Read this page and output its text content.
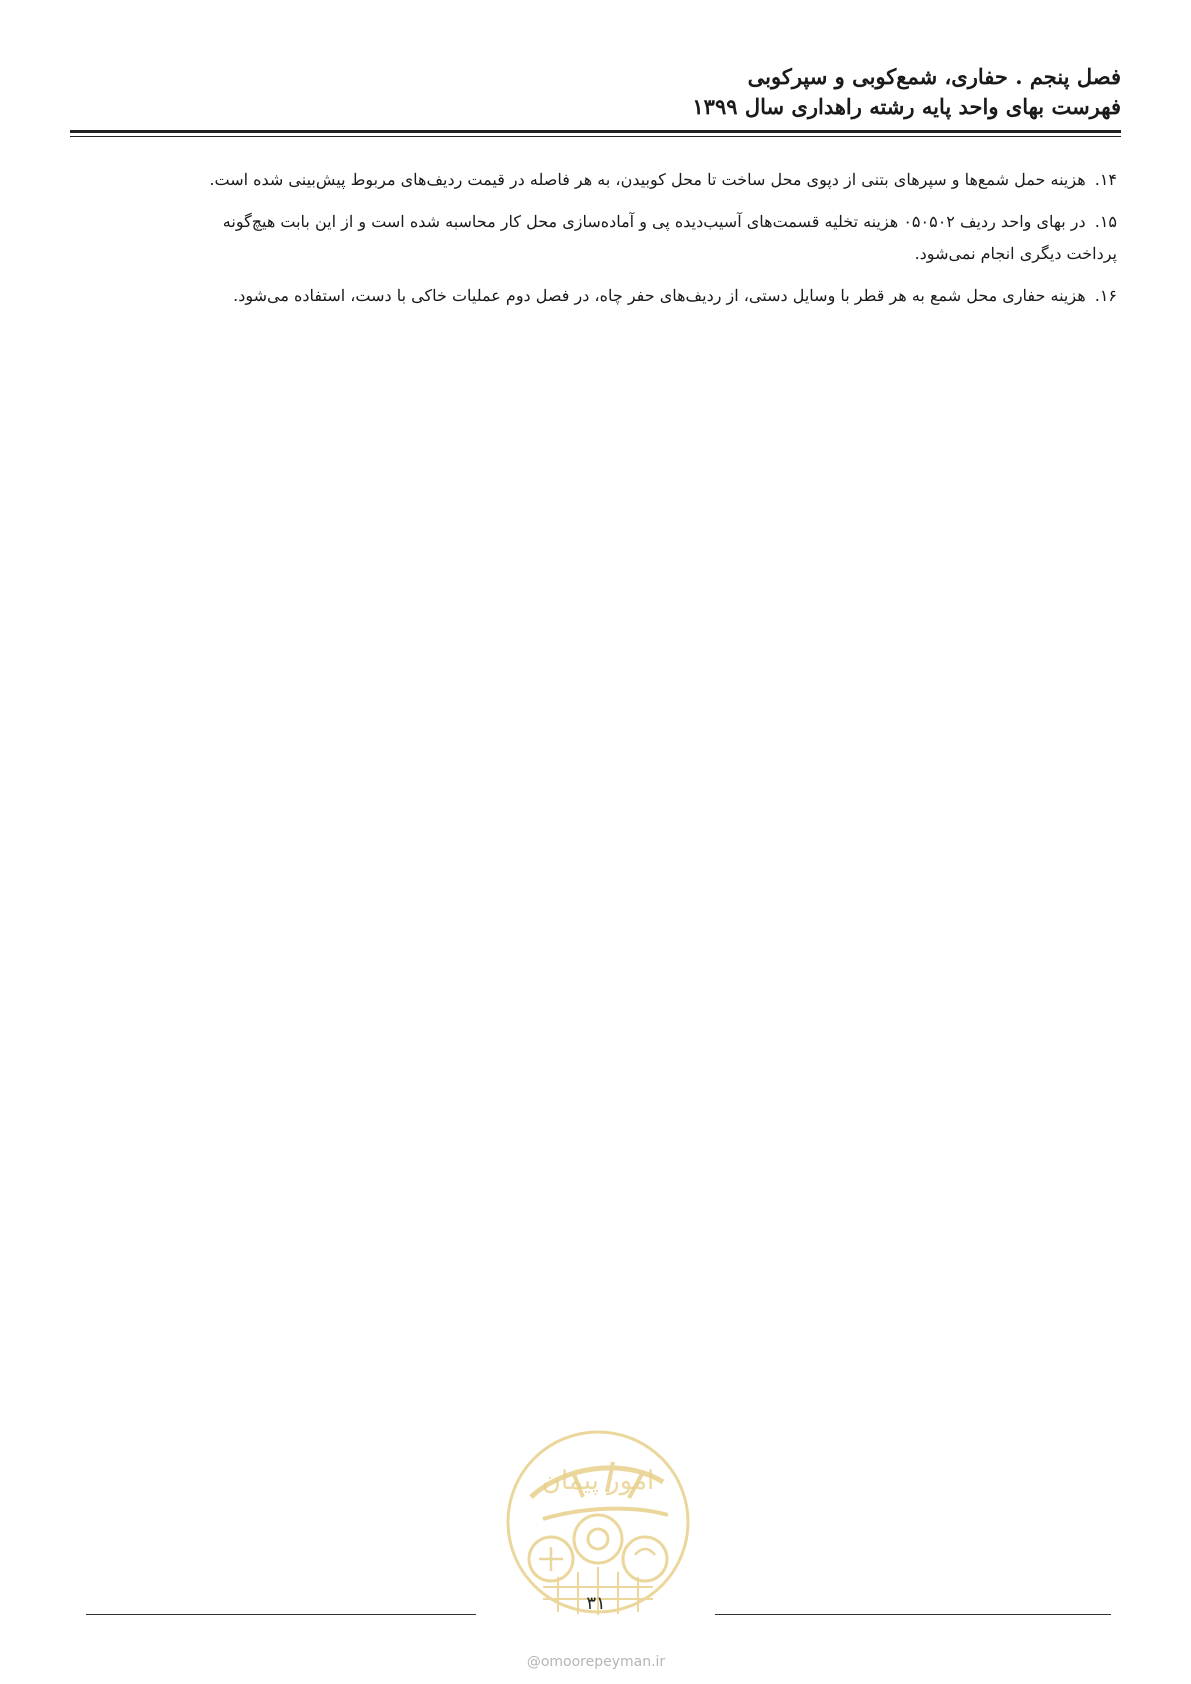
فصل پنجم . حفاری، شمع‌کوبی و سپرکوبی
فهرست بهای واحد پایه رشته راهداری سال ۱۳۹۹

۱۴. هزینه حمل شمع‌ها و سپرهای بتنی از دپوی محل ساخت تا محل کوبیدن، به هر فاصله در قیمت ردیف‌های مربوط پیش‌بینی شده است.

۱۵. در بهای واحد ردیف ۰۵۰۵۰۲ هزینه تخلیه قسمت‌های آسیب‌دیده پی و آماده‌سازی محل کار محاسبه شده است و از این بابت هیچ‌گونه
پرداخت دیگری انجام نمی‌شود.

۱۶. هزینه حفاری محل شمع به هر قطر با وسایل دستی، از ردیف‌های حفر چاه، در فصل دوم عملیات خاکی با دست، استفاده می‌شود.

امور پیمان
۳۱
@omoorepeyman.ir
